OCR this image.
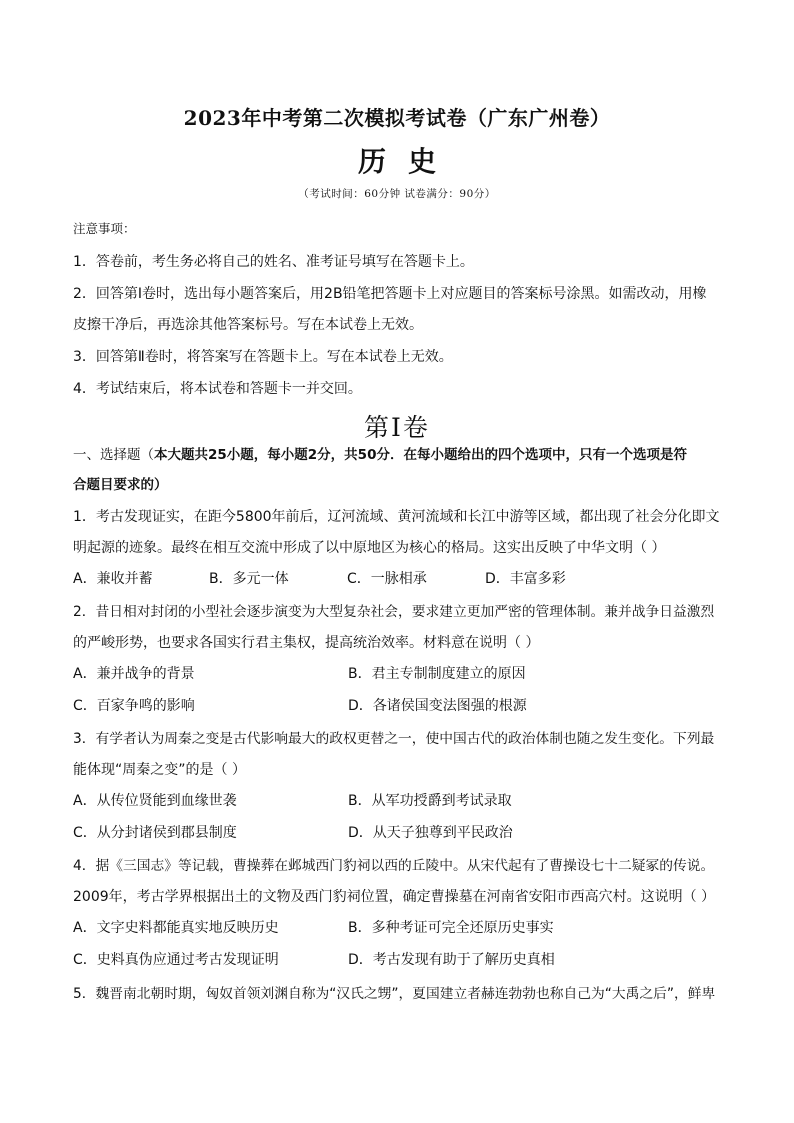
2023年中考第二次模拟考试卷（广东广州卷）
历史
（考试时间：60分钟 试卷满分：90分）
注意事项：
1．答卷前，考生务必将自己的姓名、准考证号填写在答题卡上。
2．回答第Ⅰ卷时，选出每小题答案后，用2B铅笔把答题卡上对应题目的答案标号涂黑。如需改动，用橡
皮擦干净后，再选涂其他答案标号。写在本试卷上无效。
3．回答第Ⅱ卷时，将答案写在答题卡上。写在本试卷上无效。
4．考试结束后，将本试卷和答题卡一并交回。
第Ⅰ卷
一、选择题（本大题共25小题，每小题2分，共50分．在每小题给出的四个选项中，只有一个选项是符
合题目要求的）
1．考古发现证实，在距今5800年前后，辽河流域、黄河流域和长江中游等区域，都出现了社会分化即文
明起源的迹象。最终在相互交流中形成了以中原地区为核心的格局。这实出反映了中华文明（ ）
A．兼收并蓄	B．多元一体	C．一脉相承	D．丰富多彩
2．昔日相对封闭的小型社会逐步演变为大型复杂社会，要求建立更加严密的管理体制。兼并战争日益激烈
的严峻形势，也要求各国实行君主集权，提高统治效率。材料意在说明（ ）
A．兼并战争的背景	B．君主专制制度建立的原因
C．百家争鸣的影响	D．各诸侯国变法图强的根源
3．有学者认为周秦之变是古代影响最大的政权更替之一，使中国古代的政治体制也随之发生变化。下列最
能体现“周秦之变”的是（ ）
A．从传位贤能到血缘世袭	B．从军功授爵到考试录取
C．从分封诸侯到郡县制度	D．从天子独尊到平民政治
4．据《三国志》等记载，曹操葬在邺城西门豹祠以西的丘陵中。从宋代起有了曹操设七十二疑冢的传说。
2009年，考古学界根据出土的文物及西门豹祠位置，确定曹操墓在河南省安阳市西高穴村。这说明（ ）
A．文字史料都能真实地反映历史	B．多种考证可完全还原历史事实
C．史料真伪应通过考古发现证明	D．考古发现有助于了解历史真相
5．魏晋南北朝时期，匈奴首领刘渊自称为“汉氏之甥”，夏国建立者赫连勃勃也称自己为“大禹之后”，鲜卑
